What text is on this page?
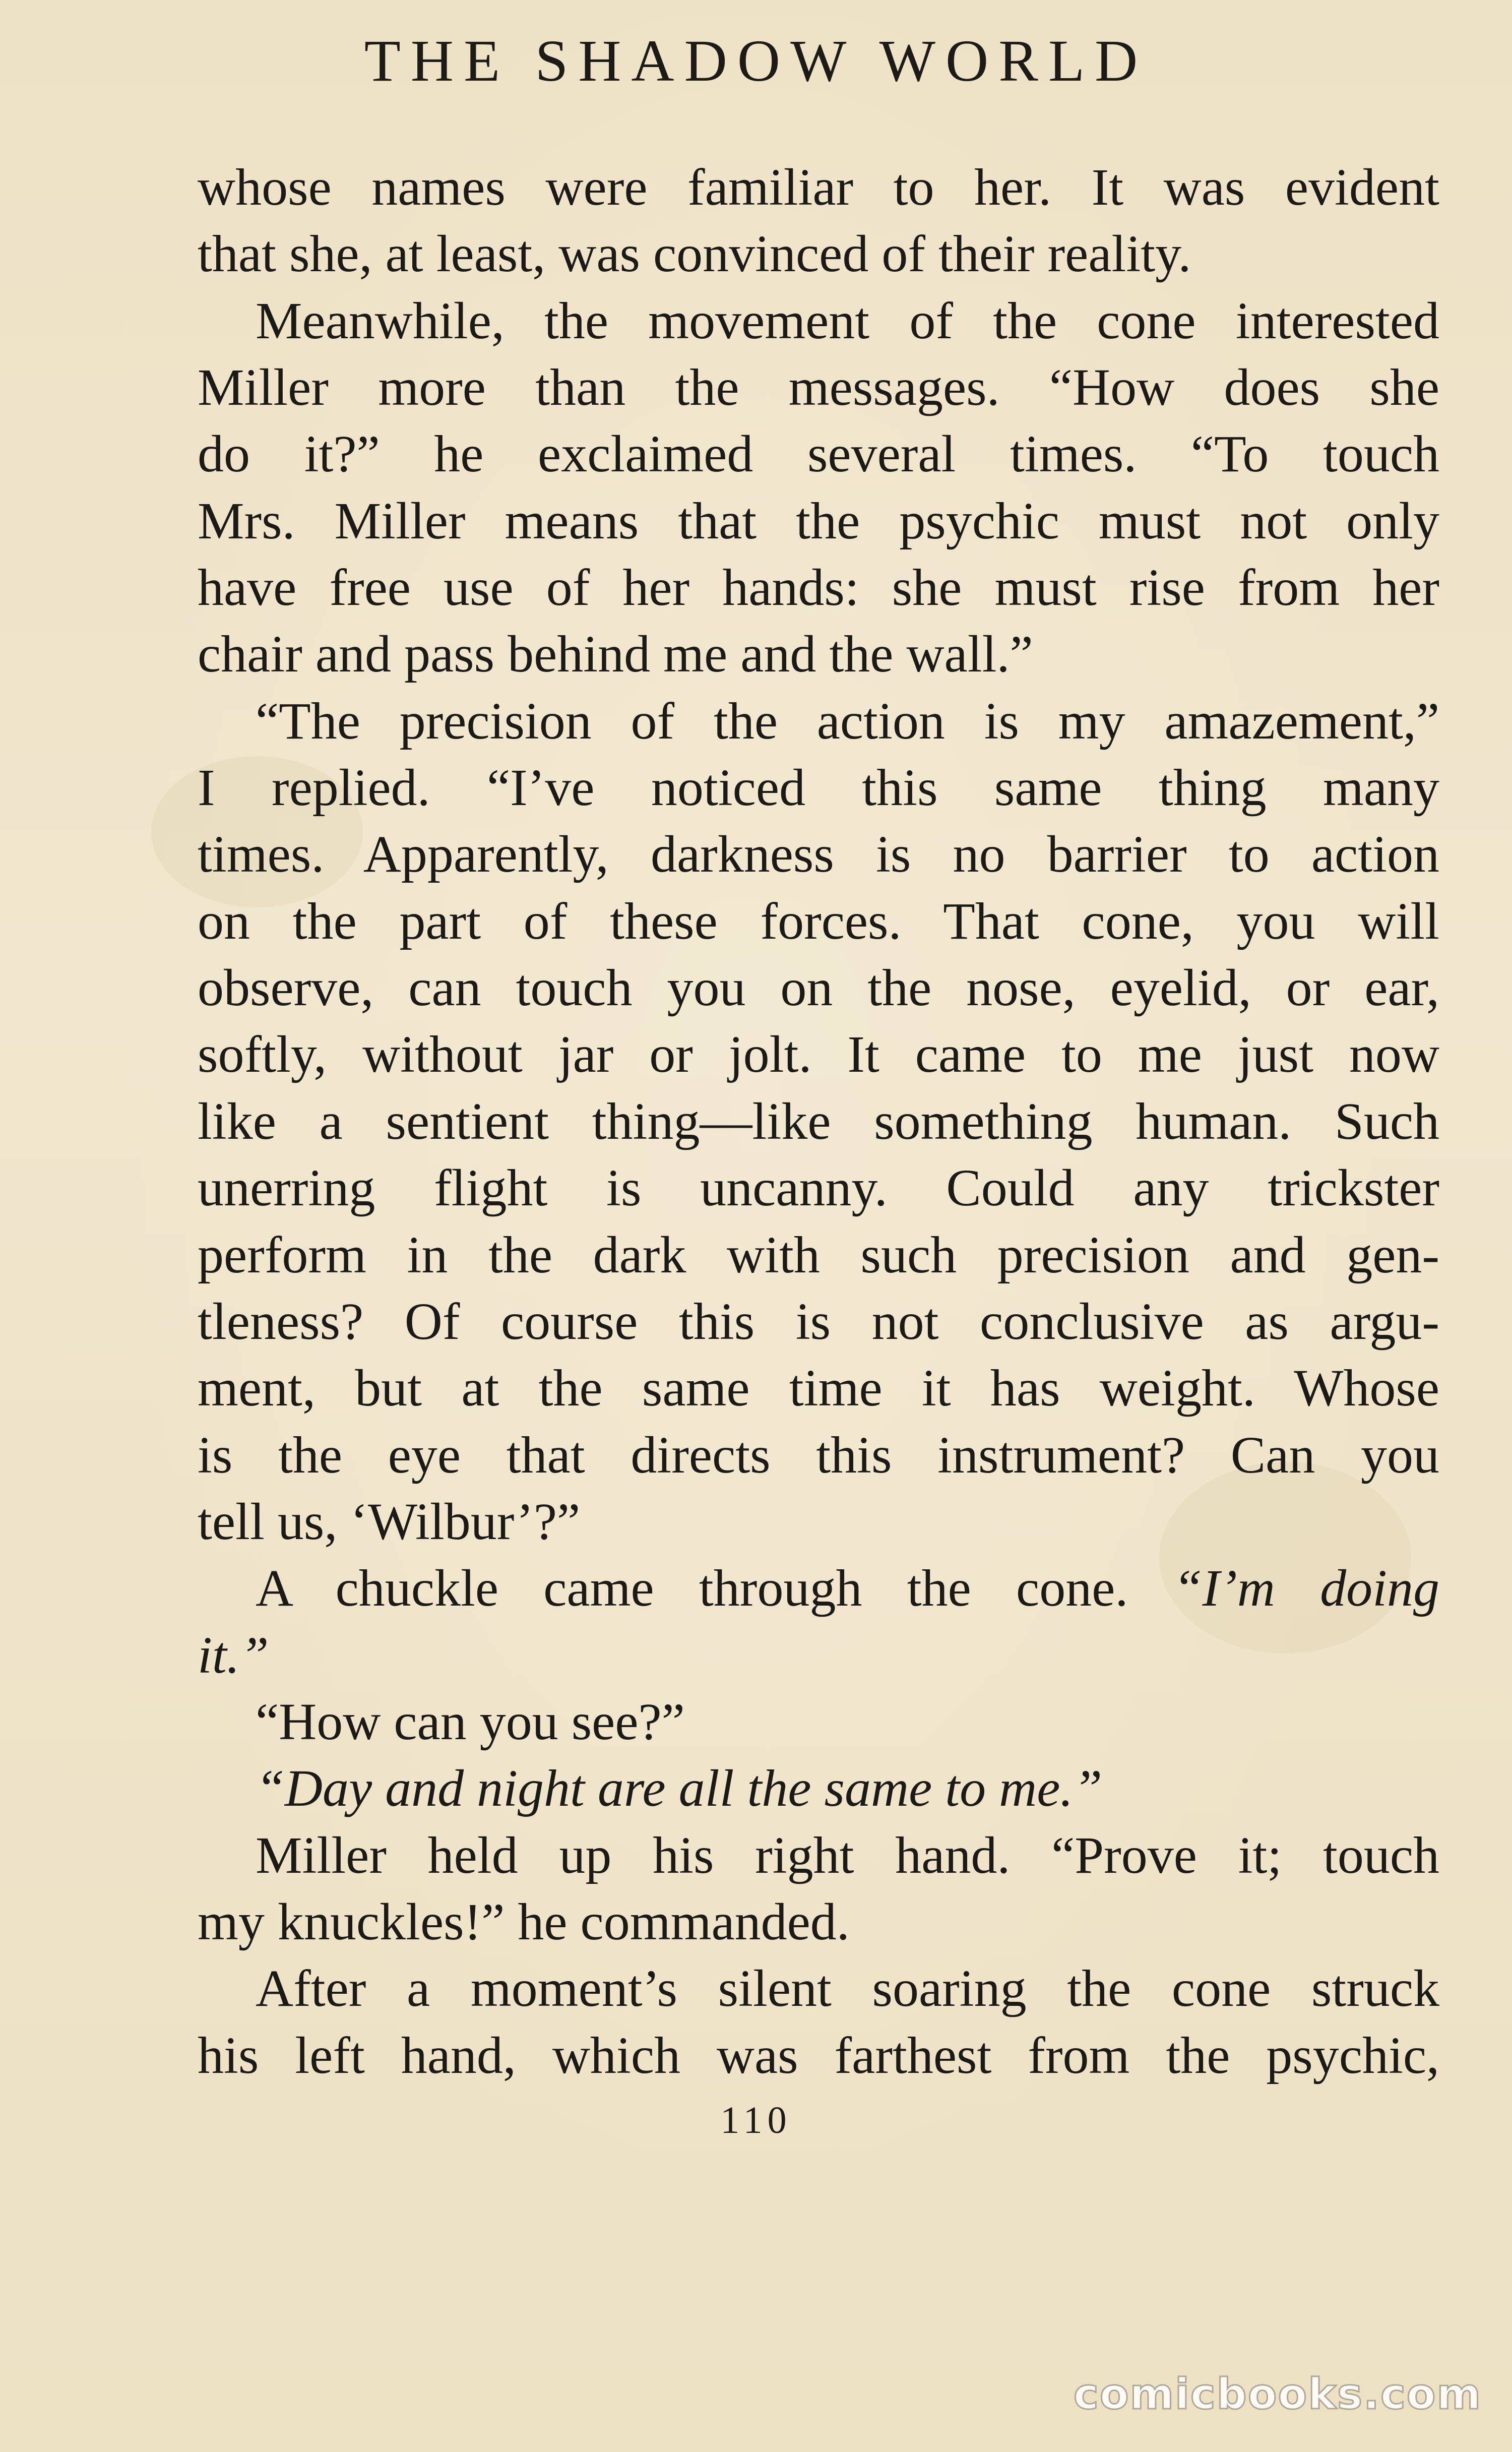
THE SHADOW WORLD
whose names were familiar to her. It was evident
that she, at least, was convinced of their reality.
Meanwhile, the movement of the cone interested
Miller more than the messages. “How does she
do it?” he exclaimed several times. “To touch
Mrs. Miller means that the psychic must not only
have free use of her hands: she must rise from her
chair and pass behind me and the wall.”
“The precision of the action is my amazement,”
I replied. “I’ve noticed this same thing many
times. Apparently, darkness is no barrier to action
on the part of these forces. That cone, you will
observe, can touch you on the nose, eyelid, or ear,
softly, without jar or jolt. It came to me just now
like a sentient thing—like something human. Such
unerring flight is uncanny. Could any trickster
perform in the dark with such precision and gen-
tleness? Of course this is not conclusive as argu-
ment, but at the same time it has weight. Whose
is the eye that directs this instrument? Can you
tell us, ‘Wilbur’?”
A chuckle came through the cone. “I’m doing
it.”
“How can you see?”
“Day and night are all the same to me.”
Miller held up his right hand. “Prove it; touch
my knuckles!” he commanded.
After a moment’s silent soaring the cone struck
his left hand, which was farthest from the psychic,
110
comicbooks.com
